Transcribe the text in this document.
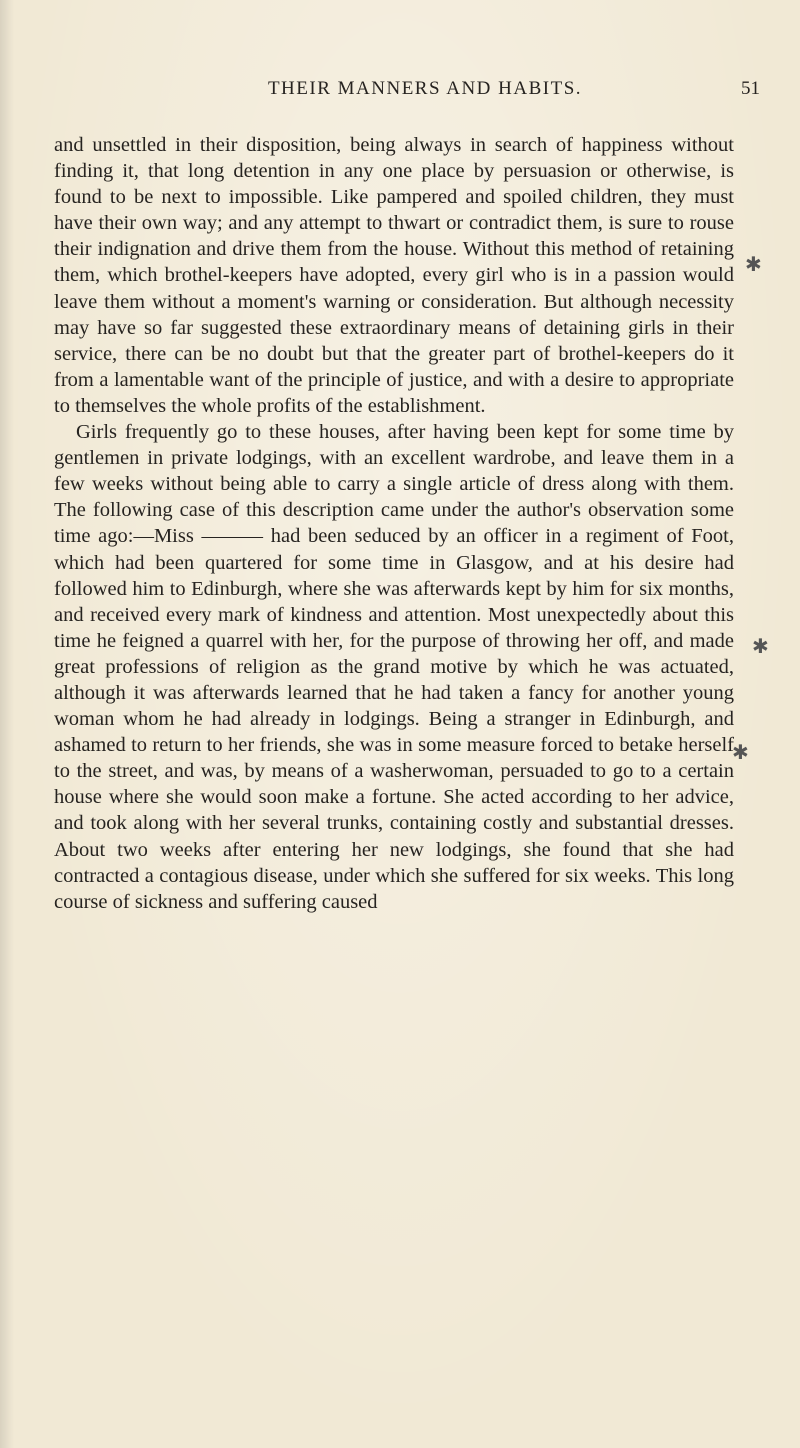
THEIR MANNERS AND HABITS.	51

and unsettled in their disposition, being always in search of happiness without finding it, that long detention in any one place by persuasion or otherwise, is found to be next to impossible. Like pampered and spoiled children, they must have their own way; and any attempt to thwart or contradict them, is sure to rouse their indignation and drive them from the house. Without this method of retaining them, which brothel-keepers have adopted, every girl who is in a passion would leave them without a moment's warning or consideration. But although necessity may have so far suggested these extraordinary means of detaining girls in their service, there can be no doubt but that the greater part of brothel-keepers do it from a lamentable want of the principle of justice, and with a desire to appropriate to themselves the whole profits of the establishment.

Girls frequently go to these houses, after having been kept for some time by gentlemen in private lodgings, with an excellent wardrobe, and leave them in a few weeks without being able to carry a single article of dress along with them. The following case of this description came under the author's observation some time ago:—Miss ——— had been seduced by an officer in a regiment of Foot, which had been quartered for some time in Glasgow, and at his desire had followed him to Edinburgh, where she was afterwards kept by him for six months, and received every mark of kindness and attention. Most unexpectedly about this time he feigned a quarrel with her, for the purpose of throwing her off, and made great professions of religion as the grand motive by which he was actuated, although it was afterwards learned that he had taken a fancy for another young woman whom he had already in lodgings. Being a stranger in Edinburgh, and ashamed to return to her friends, she was in some measure forced to betake herself to the street, and was, by means of a washerwoman, persuaded to go to a certain house where she would soon make a fortune. She acted according to her advice, and took along with her several trunks, containing costly and substantial dresses. About two weeks after entering her new lodgings, she found that she had contracted a contagious disease, under which she suffered for six weeks. This long course of sickness and suffering caused

✱
✱
✱
